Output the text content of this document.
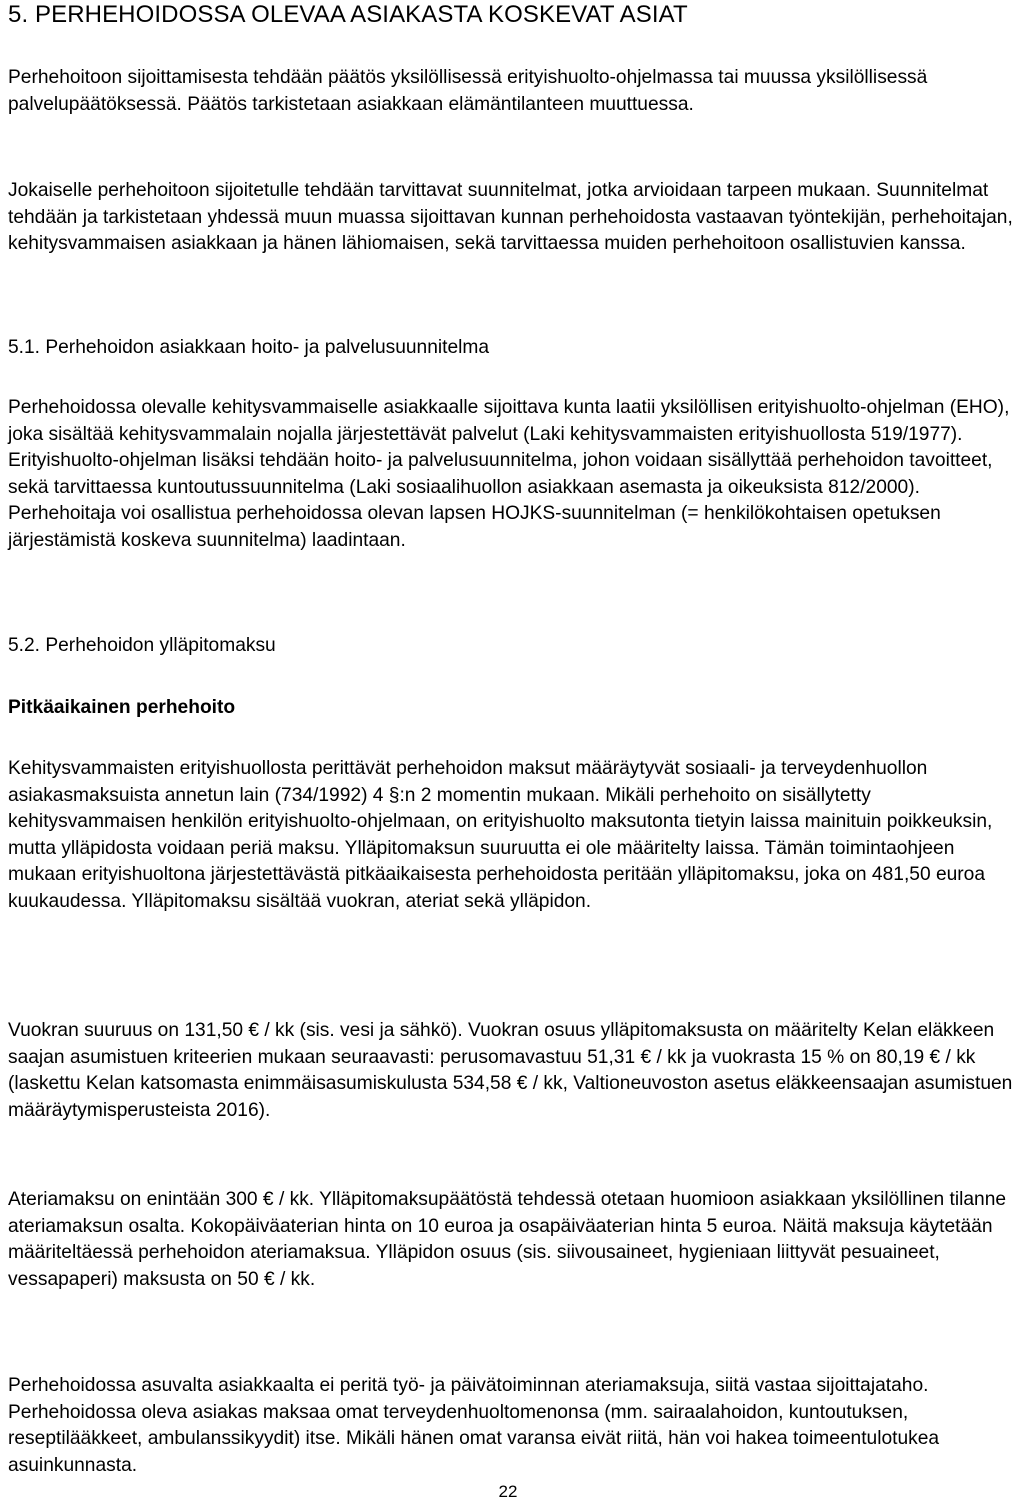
5. PERHEHOIDOSSA OLEVAA ASIAKASTA KOSKEVAT ASIAT
Perhehoitoon sijoittamisesta tehdään päätös yksilöllisessä erityishuolto-ohjelmassa tai muussa yksilöllisessä palvelupäätöksessä. Päätös tarkistetaan asiakkaan elämäntilanteen muuttuessa.
Jokaiselle perhehoitoon sijoitetulle tehdään tarvittavat suunnitelmat, jotka arvioidaan tarpeen mukaan. Suunnitelmat tehdään ja tarkistetaan yhdessä muun muassa sijoittavan kunnan perhehoidosta vastaavan työntekijän, perhehoitajan, kehitysvammaisen asiakkaan ja hänen lähiomaisen, sekä tarvittaessa muiden perhehoitoon osallistuvien kanssa.
5.1. Perhehoidon asiakkaan hoito- ja palvelusuunnitelma
Perhehoidossa olevalle kehitysvammaiselle asiakkaalle sijoittava kunta laatii yksilöllisen erityishuolto-ohjelman (EHO), joka sisältää kehitysvammalain nojalla järjestettävät palvelut (Laki kehitysvammaisten erityishuollosta 519/1977). Erityishuolto-ohjelman lisäksi tehdään hoito- ja palvelusuunnitelma, johon voidaan sisällyttää perhehoidon tavoitteet, sekä tarvittaessa kuntoutussuunnitelma (Laki sosiaalihuollon asiakkaan asemasta ja oikeuksista 812/2000). Perhehoitaja voi osallistua perhehoidossa olevan lapsen HOJKS-suunnitelman (= henkilökohtaisen opetuksen järjestämistä koskeva suunnitelma) laadintaan.
5.2. Perhehoidon ylläpitomaksu
Pitkäaikainen perhehoito
Kehitysvammaisten erityishuollosta perittävät perhehoidon maksut määräytyvät sosiaali- ja terveydenhuollon asiakasmaksuista annetun lain (734/1992) 4 §:n 2 momentin mukaan. Mikäli perhehoito on sisällytetty kehitysvammaisen henkilön erityishuolto-ohjelmaan, on erityishuolto maksutonta tietyin laissa mainituin poikkeuksin, mutta ylläpidosta voidaan periä maksu. Ylläpitomaksun suuruutta ei ole määritelty laissa. Tämän toimintaohjeen mukaan erityishuoltona järjestettävästä pitkäaikaisesta perhehoidosta peritään ylläpitomaksu, joka on 481,50 euroa kuukaudessa. Ylläpitomaksu sisältää vuokran, ateriat sekä ylläpidon.
Vuokran suuruus on 131,50 € / kk (sis. vesi ja sähkö). Vuokran osuus ylläpitomaksusta on määritelty Kelan eläkkeen saajan asumistuen kriteerien mukaan seuraavasti: perusomavastuu 51,31 € / kk ja vuokrasta 15 % on 80,19 € / kk (laskettu Kelan katsomasta enimmäisasumiskulusta 534,58 € / kk, Valtioneuvoston asetus eläkkeensaajan asumistuen määräytymisperusteista 2016).
Ateriamaksu on enintään 300 € / kk. Ylläpitomaksupäätöstä tehdessä otetaan huomioon asiakkaan yksilöllinen tilanne ateriamaksun osalta. Kokopäiväaterian hinta on 10 euroa ja osapäiväaterian hinta 5 euroa. Näitä maksuja käytetään määriteltäessä perhehoidon ateriamaksua. Ylläpidon osuus (sis. siivousaineet, hygieniaan liittyvät pesuaineet, vessapaperi) maksusta on 50 € / kk.
Perhehoidossa asuvalta asiakkaalta ei peritä työ- ja päivätoiminnan ateriamaksuja, siitä vastaa sijoittajataho. Perhehoidossa oleva asiakas maksaa omat terveydenhuoltomenonsa (mm. sairaalahoidon, kuntoutuksen, reseptilääkkeet, ambulanssikyydit) itse. Mikäli hänen omat varansa eivät riitä, hän voi hakea toimeentulotukea asuinkunnasta.
22
